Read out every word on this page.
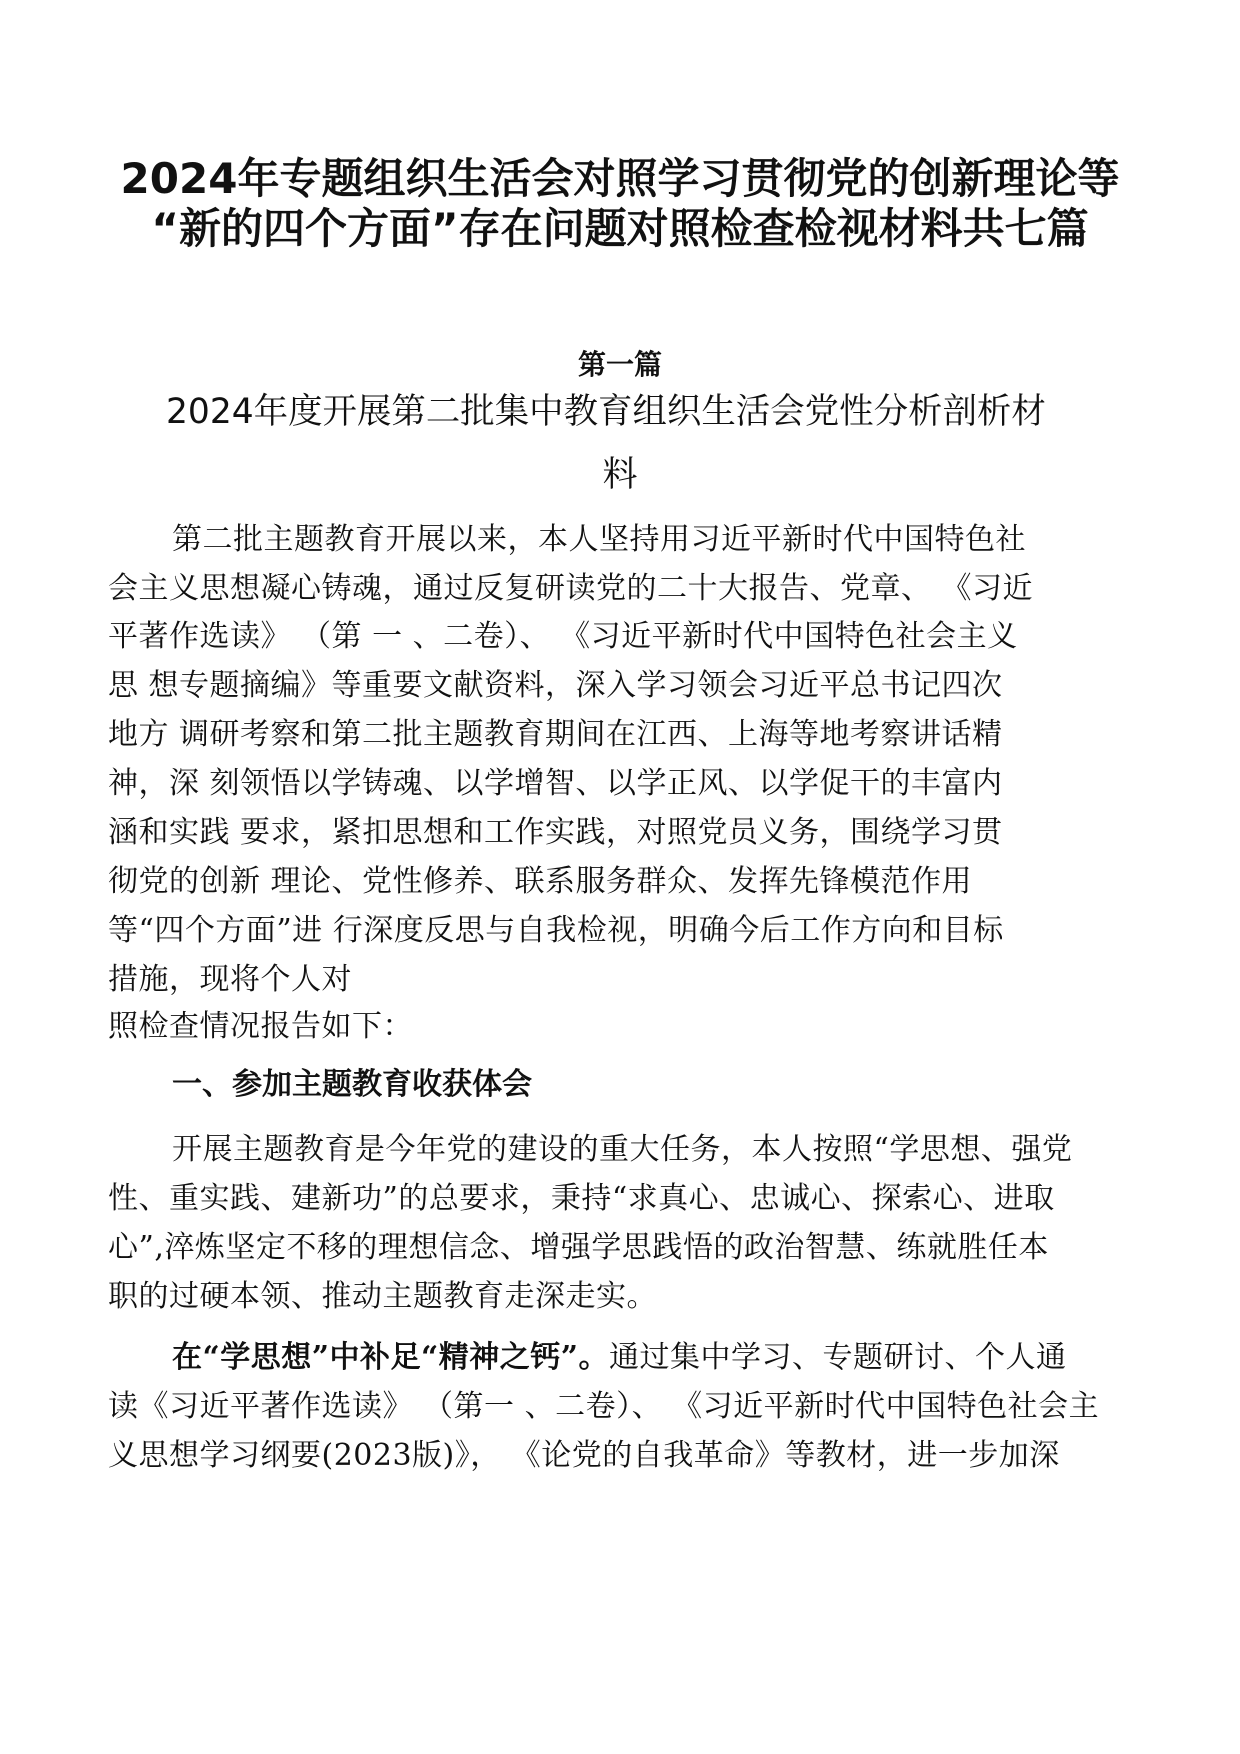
2024年专题组织生活会对照学习贯彻党的创新理论等
“新的四个方面”存在问题对照检查检视材料共七篇
第一篇
2024年度开展第二批集中教育组织生活会党性分析剖析材
料
第二批主题教育开展以来，本人坚持用习近平新时代中国特色社
会主义思想凝心铸魂，通过反复研读党的二十大报告、党章、 《习近
平著作选读》 （第 一 、二卷）、 《习近平新时代中国特色社会主义
思 想专题摘编》等重要文献资料，深入学习领会习近平总书记四次
地方 调研考察和第二批主题教育期间在江西、上海等地考察讲话精
神，深 刻领悟以学铸魂、以学增智、以学正风、以学促干的丰富内
涵和实践 要求，紧扣思想和工作实践，对照党员义务，围绕学习贯
彻党的创新 理论、党性修养、联系服务群众、发挥先锋模范作用
等“四个方面”进 行深度反思与自我检视，明确今后工作方向和目标
措施，现将个人对
照检查情况报告如下：
一、参加主题教育收获体会
开展主题教育是今年党的建设的重大任务，本人按照“学思想、强党
性、重实践、建新功”的总要求，秉持“求真心、忠诚心、探索心、进取
心”,淬炼坚定不移的理想信念、增强学思践悟的政治智慧、练就胜任本
职的过硬本领、推动主题教育走深走实。
在“学思想”中补足“精神之钙”。通过集中学习、专题研讨、个人通
读《习近平著作选读》 （第一 、二卷）、 《习近平新时代中国特色社会主
义思想学习纲要(2023版)》， 《论党的自我革命》等教材，进一步加深
